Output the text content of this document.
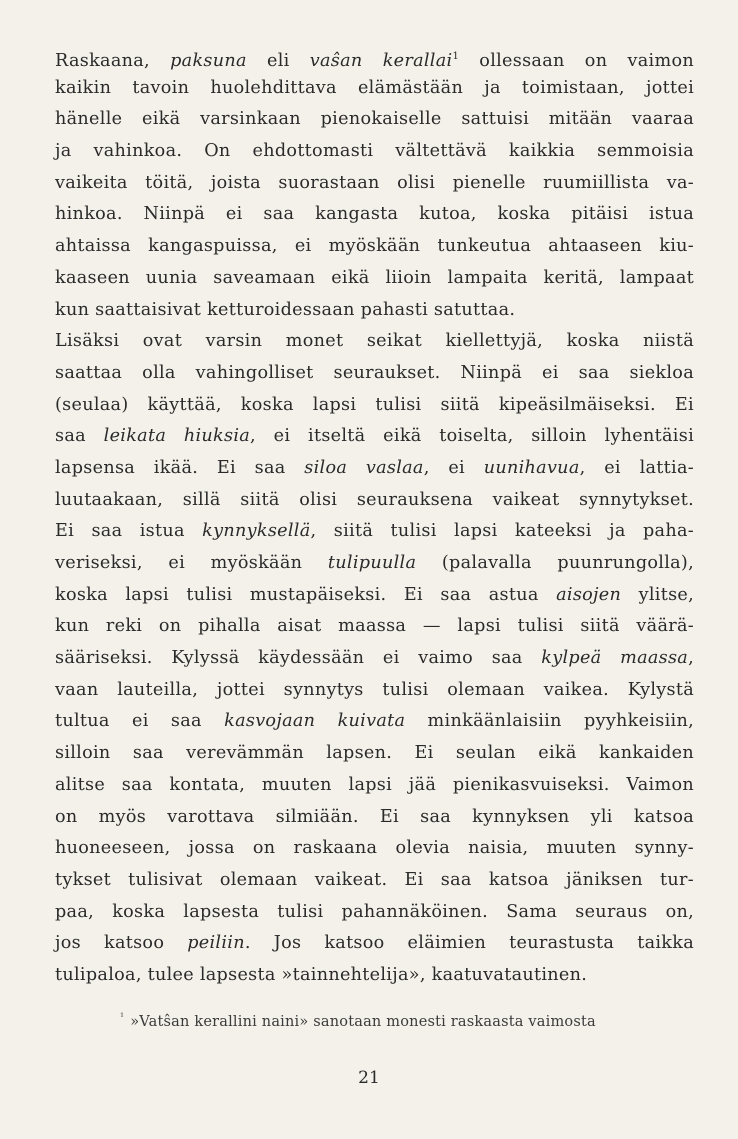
Raskaana, paksuna eli vaŝan kerallai$^1$ ollessaan on vaimon
kaikin tavoin huolehdittava elämästään ja toimistaan, jottei
hänelle eikä varsinkaan pienokaiselle sattuisi mitään vaaraa
ja vahinkoa. On ehdottomasti vältettävä kaikkia semmoisia
vaikeita töitä, joista suorastaan olisi pienelle ruumiillista va-
hinkoa. Niinpä ei saa kangasta kutoa, koska pitäisi istua
ahtaissa kangaspuissa, ei myöskään tunkeutua ahtaaseen kiu-
kaaseen uunia saveamaan eikä liioin lampaita keritä, lampaat
kun saattaisivat ketturoidessaan pahasti satuttaa.
Lisäksi ovat varsin monet seikat kiellettyjä, koska niistä
saattaa olla vahingolliset seuraukset. Niinpä ei saa siekloa
(seulaa) käyttää, koska lapsi tulisi siitä kipeäsilmäiseksi. Ei
saa leikata hiuksia, ei itseltä eikä toiselta, silloin lyhentäisi
lapsensa ikää. Ei saa siloa vaslaa, ei uunihavua, ei lattia-
luutaakaan, sillä siitä olisi seurauksena vaikeat synnytykset.
Ei saa istua kynnyksellä, siitä tulisi lapsi kateeksi ja paha-
veriseksi, ei myöskään tulipuulla (palavalla puunrungolla),
koska lapsi tulisi mustapäiseksi. Ei saa astua aisojen ylitse,
kun reki on pihalla aisat maassa — lapsi tulisi siitä väärä-
sääriseksi. Kylyssä käydessään ei vaimo saa kylpeä maassa,
vaan lauteilla, jottei synnytys tulisi olemaan vaikea. Kylystä
tultua ei saa kasvojaan kuivata minkäänlaisiin pyyhkeisiin,
silloin saa verevämmän lapsen. Ei seulan eikä kankaiden
alitse saa kontata, muuten lapsi jää pienikasvuiseksi. Vaimon
on myös varottava silmiään. Ei saa kynnyksen yli katsoa
huoneeseen, jossa on raskaana olevia naisia, muuten synny-
tykset tulisivat olemaan vaikeat. Ei saa katsoa jäniksen tur-
paa, koska lapsesta tulisi pahannäköinen. Sama seuraus on,
jos katsoo peiliin. Jos katsoo eläimien teurastusta taikka
tulipaloa, tulee lapsesta »tainnehtelija», kaatuvatautinen.
$^{^1}$ »Vatŝan kerallini naini» sanotaan monesti raskaasta vaimosta
21
